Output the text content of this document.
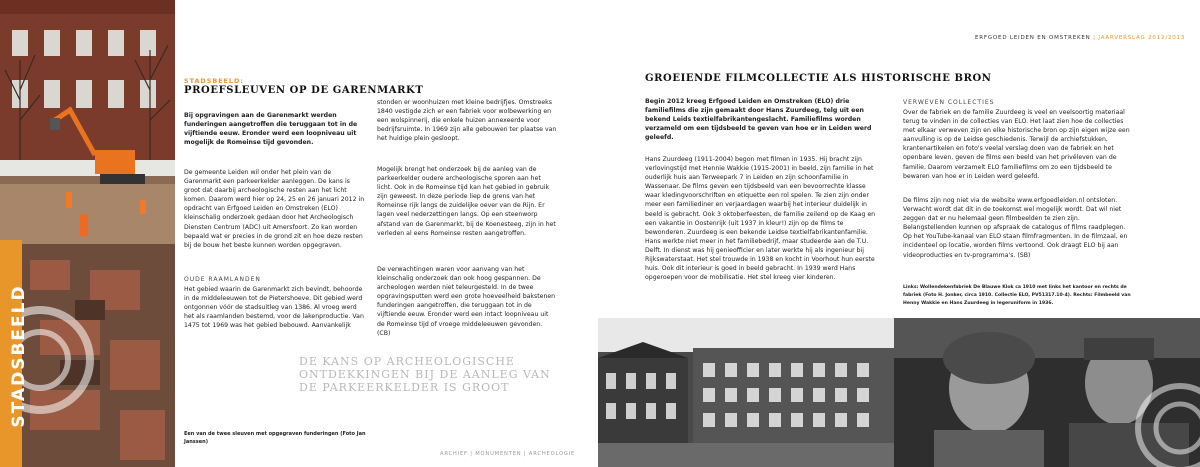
STADSBEELD
STADSBEELD:
PROEFSLEUVEN OP DE GARENMARKT
Bij opgravingen aan de Garenmarkt werden funderingen aangetroffen die teruggaan tot in de vijftiende eeuw. Eronder werd een loopniveau uit mogelijk de Romeinse tijd gevonden.
De gemeente Leiden wil onder het plein van de Garenmarkt een parkeerkelder aanleggen. De kans is groot dat daarbij archeologische resten aan het licht komen. Daarom werd hier op 24, 25 en 26 januari 2012 in opdracht van Erfgoed Leiden en Omstreken (ELO) kleinschalig onderzoek gedaan door het Archeologisch Diensten Centrum (ADC) uit Amersfoort. Zo kan worden bepaald wat er precies in de grond zit en hoe deze resten bij de bouw het beste kunnen worden opgegraven.
OUDE RAAMLANDEN
Het gebied waarin de Garenmarkt zich bevindt, behoorde in de middeleeuwen tot de Pietershoeve. Dit gebied werd ontgonnen vóór de stadsuitleg van 1386. Al vroeg werd het als raamlanden bestemd, voor de lakenproductie. Van 1475 tot 1969 was het gebied bebouwd. Aanvankelijk
stonden er woonhuizen met kleine bedrijfjes. Omstreeks 1840 vestigde zich er een fabriek voor wolbewerking en een wolspinnerij, die enkele huizen annexeerde voor bedrijfsruimte. In 1969 zijn alle gebouwen ter plaatse van het huidige plein gesloopt.
Mogelijk brengt het onderzoek bij de aanleg van de parkeerkelder oudere archeologische sporen aan het licht. Ook in de Romeinse tijd kan het gebied in gebruik zijn geweest. In deze periode liep de grens van het Romeinse rijk langs de zuidelijke oever van de Rijn. Er lagen veel nederzettingen langs. Op een steenworp afstand van de Garenmarkt, bij de Koenesteeg, zijn in het verleden al eens Romeinse resten aangetroffen.
De verwachtingen waren voor aanvang van het kleinschalig onderzoek dan ook hoog gespannen. De archeologen werden niet teleurgesteld. In de twee opgravingsputten werd een grote hoeveelheid bakstenen funderingen aangetroffen, die teruggaan tot in de vijftiende eeuw. Eronder werd een intact loopniveau uit de Romeinse tijd of vroege middeleeuwen gevonden. (CB)
DE KANS OP ARCHEOLOGISCHE ONTDEKKINGEN BIJ DE AANLEG VAN DE PARKEERKELDER IS GROOT
Een van de twee sleuven met opgegraven funderingen (Foto Jan Janssen)
ARCHIEF | MONUMENTEN | ARCHEOLOGIE
ERFGOED LEIDEN EN OMSTREKEN | JAARVERSLAG 2012/2013
GROEIENDE FILMCOLLECTIE ALS HISTORISCHE BRON
Begin 2012 kreeg Erfgoed Leiden en Omstreken (ELO) drie familiefilms die zijn gemaakt door Hans Zuurdeeg, telg uit een bekend Leids textielfabrikantengeslacht. Familiefilms worden verzameld om een tijdsbeeld te geven van hoe er in Leiden werd geleefd.
Hans Zuurdeeg (1911-2004) begon met filmen in 1935. Hij bracht zijn verlovingstijd met Hennie Wakkie (1915-2001) in beeld, zijn familie in het ouderlijk huis aan Terweepark 7 in Leiden en zijn schoonfamilie in Wassenaar. De films geven een tijdsbeeld van een bevoorrechte klasse waar kledingvoorschriften en etiquette een rol spelen. Te zien zijn onder meer een familiediner en verjaardagen waarbij het interieur duidelijk in beeld is gebracht. Ook 3 oktoberfeesten, de familie zeilend op de Kaag en een vakantie in Oostenrijk (uit 1937 in kleur!) zijn op de films te bewonderen. Zuurdeeg is een bekende Leidse textielfabrikantenfamilie. Hans werkte niet meer in het familiebedrijf, maar studeerde aan de T.U. Delft. In dienst was hij genieofficier en later werkte hij als ingenieur bij Rijkswaterstaat. Het stel trouwde in 1938 en kocht in Voorhout hun eerste huis. Ook dit interieur is goed in beeld gebracht. In 1939 werd Hans opgeroepen voor de mobilisatie. Het stel kreeg vier kinderen.
VERWEVEN COLLECTIES
Over de fabriek en de familie Zuurdeeg is veel en veelsoortig materiaal terug te vinden in de collecties van ELO. Het laat zien hoe de collecties met elkaar verweven zijn en elke historische bron op zijn eigen wijze een aanvulling is op de Leidse geschiedenis. Terwijl de archiefstukken, krantenartikelen en foto's veelal verslag doen van de fabriek en het openbare leven, geven de films een beeld van het privéleven van de familie. Daarom verzamelt ELO familiefilms om zo een tijdsbeeld te bewaren van hoe er in Leiden werd geleefd.
De films zijn nog niet via de website www.erfgoedleiden.nl ontsloten. Verwacht wordt dat dit in de toekomst wel mogelijk wordt. Dat wil niet zeggen dat er nu helemaal geen filmbeelden te zien zijn. Belangstellenden kunnen op afspraak de catalogus of films raadplegen. Op het YouTube-kanaal van ELO staan filmfragmenten. In de filmzaal, en incidenteel op locatie, worden films vertoond. Ook draagt ELO bij aan videoproducties en tv-programma's. (SB)
Links: Wollendekenfabriek De Blauwe Klok ca 1910 met links het kantoor en rechts de fabriek (Foto H. Jonker, circa 1910. Collectie ELO, PV51317.10-4). Rechts: Filmbeeld van Henny Wakkie en Hans Zuurdeeg in legeruniform in 1936.
